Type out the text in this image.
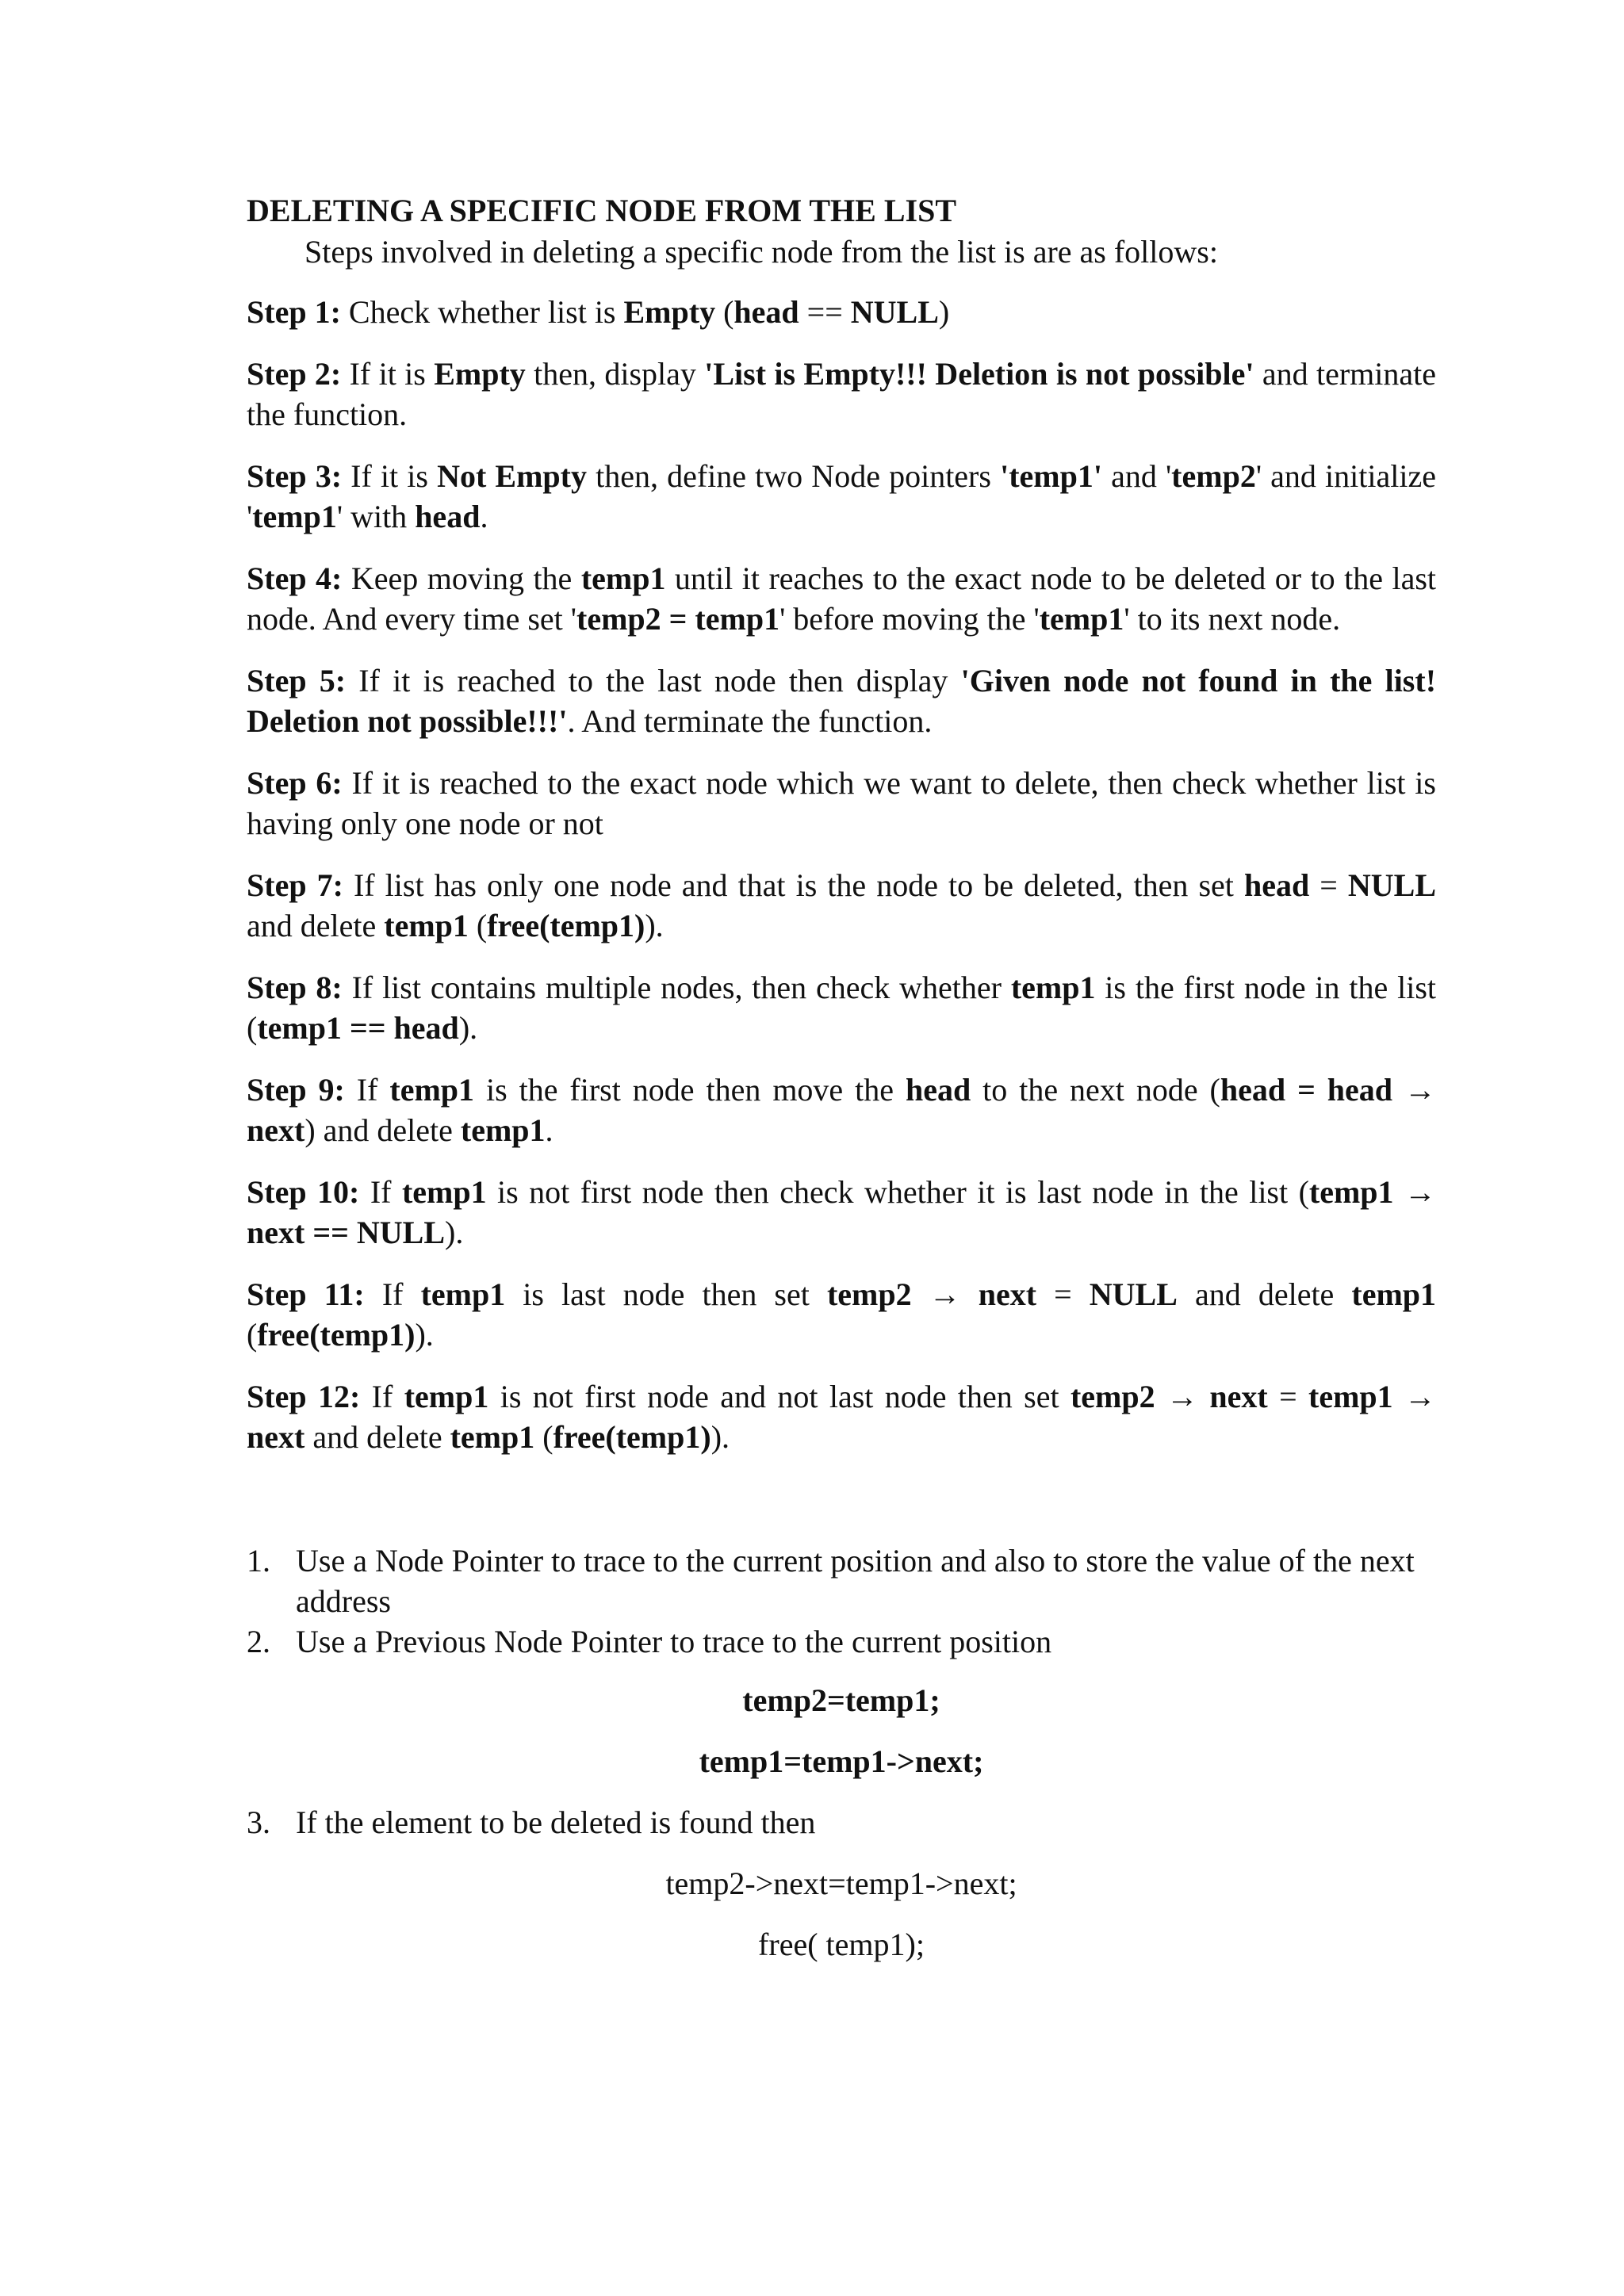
DELETING A SPECIFIC NODE FROM THE LIST

Steps involved in deleting a specific node from the list is are as follows:

Step 1: Check whether list is Empty (head == NULL)

Step 2: If it is Empty then, display 'List is Empty!!! Deletion is not possible' and terminate the function.

Step 3: If it is Not Empty then, define two Node pointers 'temp1' and 'temp2' and initialize 'temp1' with head.

Step 4: Keep moving the temp1 until it reaches to the exact node to be deleted or to the last node. And every time set 'temp2 = temp1' before moving the 'temp1' to its next node.

Step 5: If it is reached to the last node then display 'Given node not found in the list! Deletion not possible!!!'. And terminate the function.

Step 6: If it is reached to the exact node which we want to delete, then check whether list is having only one node or not

Step 7: If list has only one node and that is the node to be deleted, then set head = NULL and delete temp1 (free(temp1)).

Step 8: If list contains multiple nodes, then check whether temp1 is the first node in the list (temp1 == head).

Step 9: If temp1 is the first node then move the head to the next node (head = head → next) and delete temp1.

Step 10: If temp1 is not first node then check whether it is last node in the list (temp1 → next == NULL).

Step 11: If temp1 is last node then set temp2 → next = NULL and delete temp1 (free(temp1)).

Step 12: If temp1 is not first node and not last node then set temp2 → next = temp1 → next and delete temp1 (free(temp1)).

1. Use a Node Pointer to trace to the current position and also to store the value of the next address
2. Use a Previous Node Pointer to trace to the current position

temp2=temp1;

temp1=temp1->next;

3. If the element to be deleted is found then

temp2->next=temp1->next;

free( temp1);
